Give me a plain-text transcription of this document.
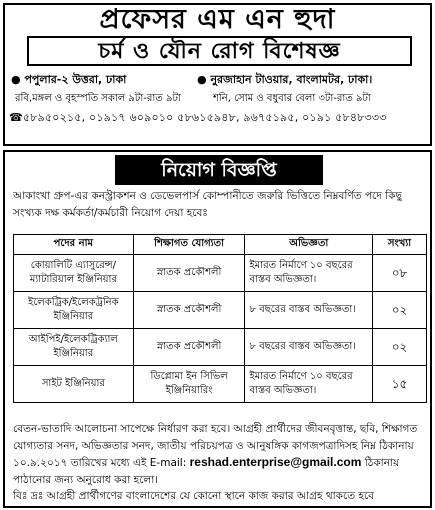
প্রফেসর এম এন হুদা
চর্ম ও যৌন রোগ বিশেষজ্ঞ
● পপুলার-২ উত্তরা, ঢাকা	● নুরজাহান টাওয়ার, বাংলামটর, ঢাকা।
রবি,মঙ্গল ও বৃহস্পতি সকাল ৯টা-রাত ৯টা	শনি, সোম ও বধুবার বেলা ৩টা-রাত ৯টা
☎৫৮৯৫০২১৫, ০১৯১৭ ৬০৯০১০ ৫৮৬১৫৯৪৮, ৯৬৭৫১৯৫, ০১৯১ ৫৮৪৮৩৩৩
নিয়োগ বিজ্ঞপ্তি
আকাংখা গ্রুপ-এর কনস্ট্রাকশন ও ডেভেলপার্স কোম্পানীতে জরুরি ভিত্তিতে নিম্নবর্ণিত পদে কিছু সংখ্যক দক্ষ কর্মকর্তা/কর্মচারী নিয়োগ দেয়া হবেঃ
পদের নাম	শিক্ষাগত যোগ্যতা	অভিজ্ঞতা	সংখ্যা
কোয়ালিটি এ্যাসুরেন্স/ ম্যাটারিয়াল ইঞ্জিনিয়ার	স্নাতক প্রকৌশলী	ইমারত নির্মাণে ১০ বছরের বাস্তব অভিজ্ঞতা।	০৮
ইলেকট্রিক/ইলেকট্রনিক ইঞ্জিনিয়ার	স্নাতক প্রকৌশলী	৮ বছরের বাস্তব অভিজ্ঞতা।	০২
আইপিই/ইলেকট্রিক্যাল ইঞ্জিনিয়ার	স্নাতক প্রকৌশলী	৮ বছরের বাস্তব অভিজ্ঞতা।	০২
সাইট ইঞ্জিনিয়ার	ডিপ্লোমা ইন সিভিল ইঞ্জিনিয়ারিং	ইমারত নির্মাণে ১০ বছরের বাস্তব অভিজ্ঞতা।	১৫
বেতন-ভাতাদি আলোচনা সাপেক্ষে নির্ধারণ করা হবে। আগ্রহী প্রার্থীদের জীবনবৃত্তান্ত, ছবি, শিক্ষাগত যোগ্যতার সনদ, অভিজ্ঞতার সনদ, জাতীয় পরিচয়পত্র ও আনুষঙ্গিক কাগজপত্রাদিসহ নিম্ন ঠিকানায় ১০.৯.২০১৭ তারিখের মধ্যে এই E-mail: reshad.enterprise@gmail.com ঠিকানায় পাঠানোর জন্য অনুরোধ করা হলো।
বিঃ দ্রঃ আগ্রহী প্রার্থীগণের বাংলাদেশের যে কোনো স্থানে কাজ করার আগ্রহ থাকতে হবে
